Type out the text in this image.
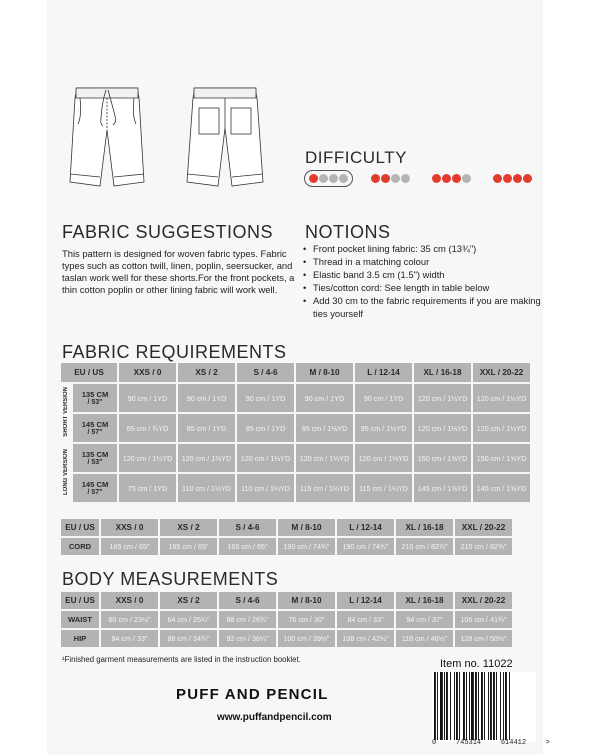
DIFFICULTY
FABRIC SUGGESTIONS
This pattern is designed for woven fabric types. Fabric types such as cotton twill, linen, poplin, seersucker, and taslan work well for these shorts.For the front pockets, a thin cotton poplin or other lining fabric will work well.
NOTIONS
• Front pocket lining fabric: 35 cm (13¾")
• Thread in a matching colour
• Elastic band 3.5 cm (1.5") width
• Ties/cotton cord: See length in table below
• Add 30 cm to the fabric requirements if you are making ties yourself
FABRIC REQUIREMENTS
EU / US		XXS / 0	XS / 2	S / 4-6	M / 8-10	L / 12-14	XL / 16-18	XXL / 20-22
SHORT VERSION	135 CM
/ 53"	90 cm / 1YD	90 cm / 1YD	90 cm / 1YD	90 cm / 1YD	90 cm / 1YD	120 cm / 1⅓YD	120 cm / 1⅓YD
	145 CM
/ 57"	65 cm / ¾YD	85 cm / 1YD	85 cm / 1YD	95 cm / 1⅛YD	95 cm / 1⅛YD	120 cm / 1⅓YD	120 cm / 1⅓YD
LONG VERSION	135 CM
/ 53"	120 cm / 1⅓YD	120 cm / 1⅓YD	120 cm / 1⅓YD	120 cm / 1⅓YD	120 cm / 1⅓YD	150 cm / 1⅝YD	150 cm / 1⅝YD
	145 CM
/ 57"	75 cm / 1YD	110 cm / 1¼YD	110 cm / 1¼YD	115 cm / 1¼YD	115 cm / 1¼YD	145 cm / 1⅝YD	145 cm / 1⅝YD
EU / US	XXS / 0	XS / 2	S / 4-6	M / 8-10	L / 12-14	XL / 16-18	XXL / 20-22
CORD	165 cm / 65"	165 cm / 65"	165 cm / 65"	190 cm / 74¾"	190 cm / 74¾"	210 cm / 82¾"	210 cm / 82¾"
BODY MEASUREMENTS
EU / US	XXS / 0	XS / 2	S / 4-6	M / 8-10	L / 12-14	XL / 16-18	XXL / 20-22
WAIST	60 cm / 23½"	64 cm / 25¼"	68 cm / 26¾"	76 cm / 30"	84 cm / 33"	94 cm / 37"	106 cm / 41¾"
HIP	84 cm / 33"	88 cm / 34¾"	92 cm / 36¼"	100 cm / 39½"	108 cm / 42½"	118 cm / 46½"	128 cm / 50½"
¹Finished garment measurements are listed in the instruction booklet.	Item no. 11022
0	745314	614412	>
PUFF AND PENCIL
www.puffandpencil.com
